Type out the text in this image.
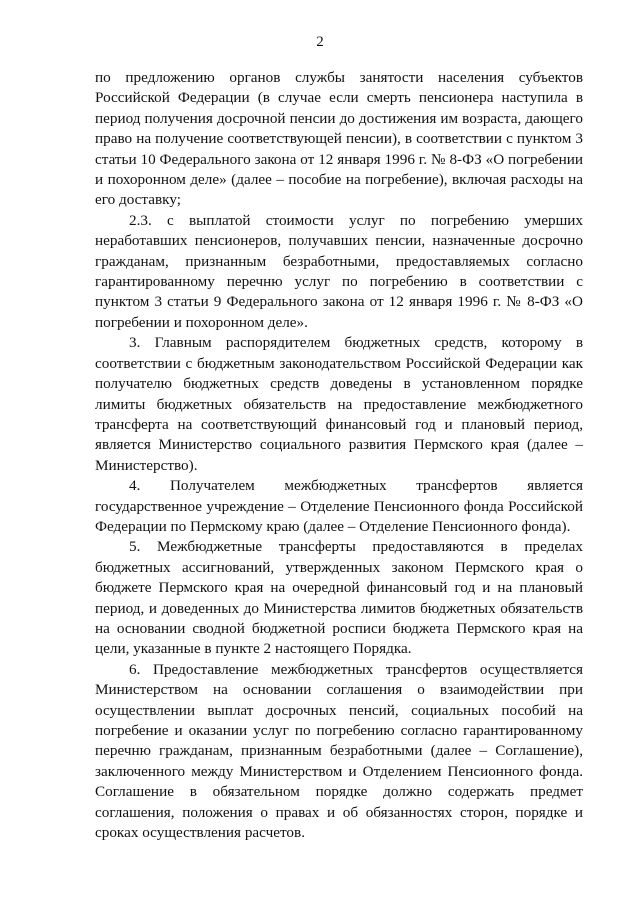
2

по предложению органов службы занятости населения субъектов Российской Федерации (в случае если смерть пенсионера наступила в период получения досрочной пенсии до достижения им возраста, дающего право на получение соответствующей пенсии), в соответствии с пунктом 3 статьи 10 Федерального закона от 12 января 1996 г. № 8-ФЗ «О погребении и похоронном деле» (далее – пособие на погребение), включая расходы на его доставку;

2.3. с выплатой стоимости услуг по погребению умерших неработавших пенсионеров, получавших пенсии, назначенные досрочно гражданам, признанным безработными, предоставляемых согласно гарантированному перечню услуг по погребению в соответствии с пунктом 3 статьи 9 Федерального закона от 12 января 1996 г. № 8-ФЗ «О погребении и похоронном деле».

3. Главным распорядителем бюджетных средств, которому в соответствии с бюджетным законодательством Российской Федерации как получателю бюджетных средств доведены в установленном порядке лимиты бюджетных обязательств на предоставление межбюджетного трансферта на соответствующий финансовый год и плановый период, является Министерство социального развития Пермского края (далее – Министерство).

4. Получателем межбюджетных трансфертов является государственное учреждение – Отделение Пенсионного фонда Российской Федерации по Пермскому краю (далее – Отделение Пенсионного фонда).

5. Межбюджетные трансферты предоставляются в пределах бюджетных ассигнований, утвержденных законом Пермского края о бюджете Пермского края на очередной финансовый год и на плановый период, и доведенных до Министерства лимитов бюджетных обязательств на основании сводной бюджетной росписи бюджета Пермского края на цели, указанные в пункте 2 настоящего Порядка.

6. Предоставление межбюджетных трансфертов осуществляется Министерством на основании соглашения о взаимодействии при осуществлении выплат досрочных пенсий, социальных пособий на погребение и оказании услуг по погребению согласно гарантированному перечню гражданам, признанным безработными (далее – Соглашение), заключенного между Министерством и Отделением Пенсионного фонда. Соглашение в обязательном порядке должно содержать предмет соглашения, положения о правах и об обязанностях сторон, порядке и сроках осуществления расчетов.
